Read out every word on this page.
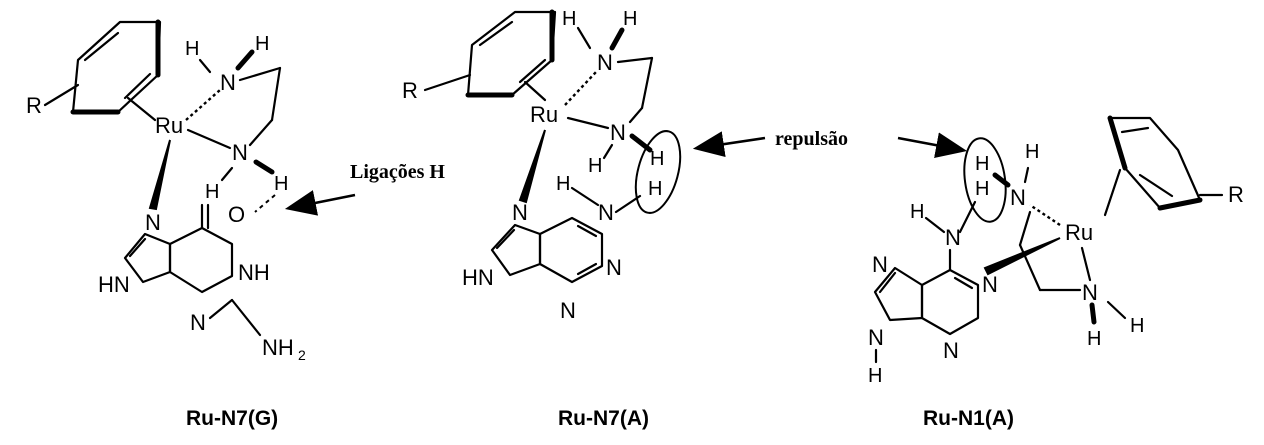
R
Ru
N
H	H
N
H	H
N
HN
O
NH
N
NH 2
Ligações H
Ru-N7(G)
R
Ru
N
H H
N
H H
H
H
N
N
HN	N
N
Ru-N7(A)
repulsão
R
Ru
N
H
H
N
H
H
H
H
N
N
N
N
N
H
Ru-N1(A)
